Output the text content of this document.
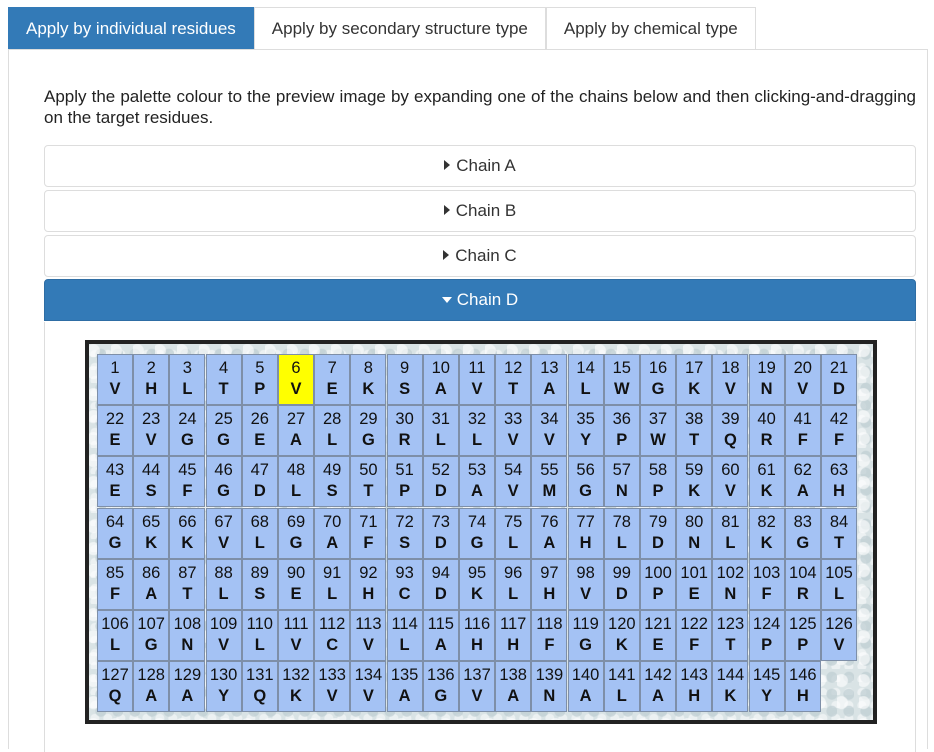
Apply by individual residues	Apply by secondary structure type	Apply by chemical type
Apply the palette colour to the preview image by expanding one of the chains below and then clicking-and-dragging on the target residues.
Chain A
Chain B
Chain C
Chain D
1
V
2
H
3
L
4
T
5
P
6
V
7
E
8
K
9
S
10
A
11
V
12
T
13
A
14
L
15
W
16
G
17
K
18
V
19
N
20
V
21
D
22
E
23
V
24
G
25
G
26
E
27
A
28
L
29
G
30
R
31
L
32
L
33
V
34
V
35
Y
36
P
37
W
38
T
39
Q
40
R
41
F
42
F
43
E
44
S
45
F
46
G
47
D
48
L
49
S
50
T
51
P
52
D
53
A
54
V
55
M
56
G
57
N
58
P
59
K
60
V
61
K
62
A
63
H
64
G
65
K
66
K
67
V
68
L
69
G
70
A
71
F
72
S
73
D
74
G
75
L
76
A
77
H
78
L
79
D
80
N
81
L
82
K
83
G
84
T
85
F
86
A
87
T
88
L
89
S
90
E
91
L
92
H
93
C
94
D
95
K
96
L
97
H
98
V
99
D
100
P
101
E
102
N
103
F
104
R
105
L
106
L
107
G
108
N
109
V
110
L
111
V
112
C
113
V
114
L
115
A
116
H
117
H
118
F
119
G
120
K
121
E
122
F
123
T
124
P
125
P
126
V
127
Q
128
A
129
A
130
Y
131
Q
132
K
133
V
134
V
135
A
136
G
137
V
138
A
139
N
140
A
141
L
142
A
143
H
144
K
145
Y
146
H
